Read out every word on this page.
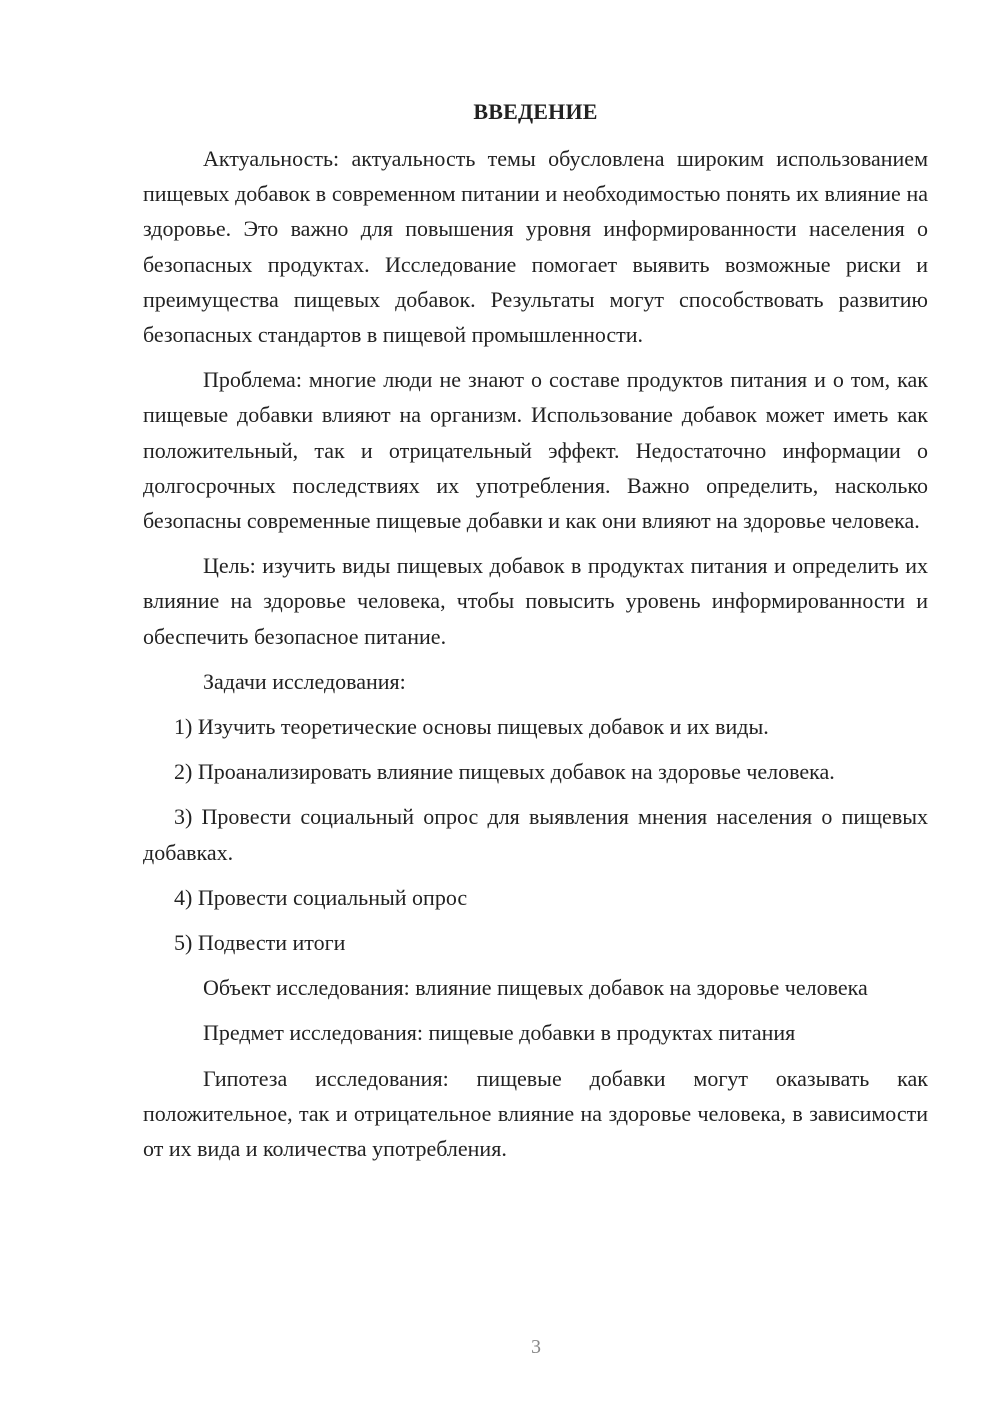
ВВЕДЕНИЕ

Актуальность: актуальность темы обусловлена широким использованием пищевых добавок в современном питании и необходимостью понять их влияние на здоровье. Это важно для повышения уровня информированности населения о безопасных продуктах. Исследование помогает выявить возможные риски и преимущества пищевых добавок. Результаты могут способствовать развитию безопасных стандартов в пищевой промышленности.

Проблема: многие люди не знают о составе продуктов питания и о том, как пищевые добавки влияют на организм. Использование добавок может иметь как положительный, так и отрицательный эффект. Недостаточно информации о долгосрочных последствиях их употребления. Важно определить, насколько безопасны современные пищевые добавки и как они влияют на здоровье человека.

Цель: изучить виды пищевых добавок в продуктах питания и определить их влияние на здоровье человека, чтобы повысить уровень информированности и обеспечить безопасное питание.

Задачи исследования:

1) Изучить теоретические основы пищевых добавок и их виды.

2) Проанализировать влияние пищевых добавок на здоровье человека.

3) Провести социальный опрос для выявления мнения населения о пищевых добавках.

4) Провести социальный опрос

5) Подвести итоги

Объект исследования: влияние пищевых добавок на здоровье человека

Предмет исследования: пищевые добавки в продуктах питания

Гипотеза исследования: пищевые добавки могут оказывать как положительное, так и отрицательное влияние на здоровье человека, в зависимости от их вида и количества употребления.

3
